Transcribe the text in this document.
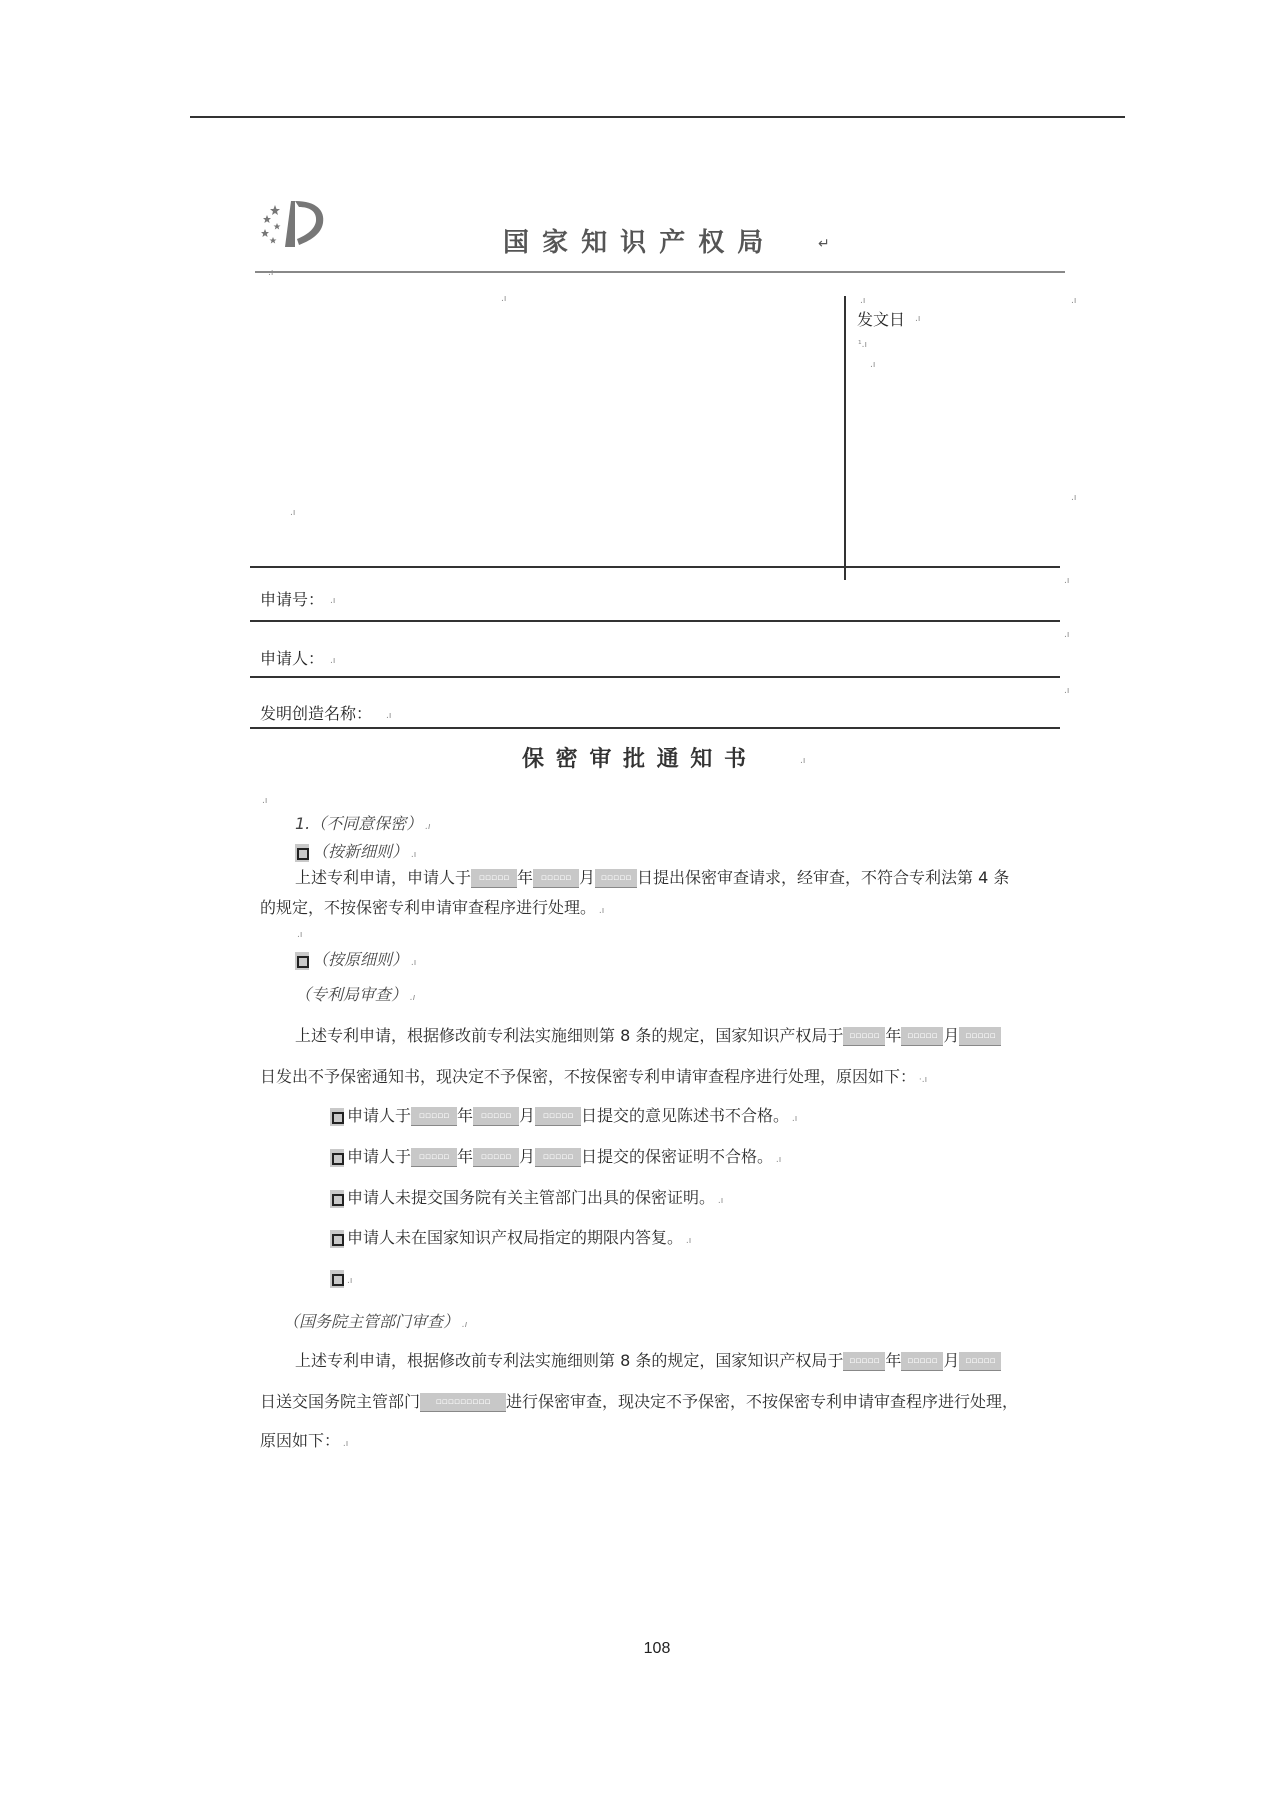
国 家 知 识 产 权 局	↵
.ı
.ı
.ı
.ı
.ı
.ı
¹.ı
.ı
发文日 .ı
申请号： .ı
.ı
申请人： .ı
.ı
发明创造名称： .ı
.ı
保 密 审 批 通 知 书	.ı
.ı
1.（不同意保密） .ı
（按新细则） .ı
上述专利申请，申请人于 ▫▫▫▫▫ 年 ▫▫▫▫▫ 月 ▫▫▫▫▫ 日提出保密审查请求，经审查，不符合专利法第 4 条
的规定，不按保密专利申请审查程序进行处理。 .ı
.ı
（按原细则） .ı
（专利局审查） .ı
上述专利申请，根据修改前专利法实施细则第 8 条的规定，国家知识产权局于 ▫▫▫▫▫ 年 ▫▫▫▫▫ 月 ▫▫▫▫▫
日发出不予保密通知书，现决定不予保密，不按保密专利申请审查程序进行处理，原因如下： ·.ı
申请人于 ▫▫▫▫▫ 年 ▫▫▫▫▫ 月 ▫▫▫▫▫ 日提交的意见陈述书不合格。 .ı
申请人于 ▫▫▫▫▫ 年 ▫▫▫▫▫ 月 ▫▫▫▫▫ 日提交的保密证明不合格。 .ı
申请人未提交国务院有关主管部门出具的保密证明。 .ı
申请人未在国家知识产权局指定的期限内答复。 .ı
.ı
（国务院主管部门审查） .ı
上述专利申请，根据修改前专利法实施细则第 8 条的规定，国家知识产权局于 ▫▫▫▫▫ 年 ▫▫▫▫▫ 月 ▫▫▫▫▫
日送交国务院主管部门 ▫▫▫▫▫▫▫▫▫ 进行保密审查，现决定不予保密，不按保密专利申请审查程序进行处理，
原因如下： .ı
108
